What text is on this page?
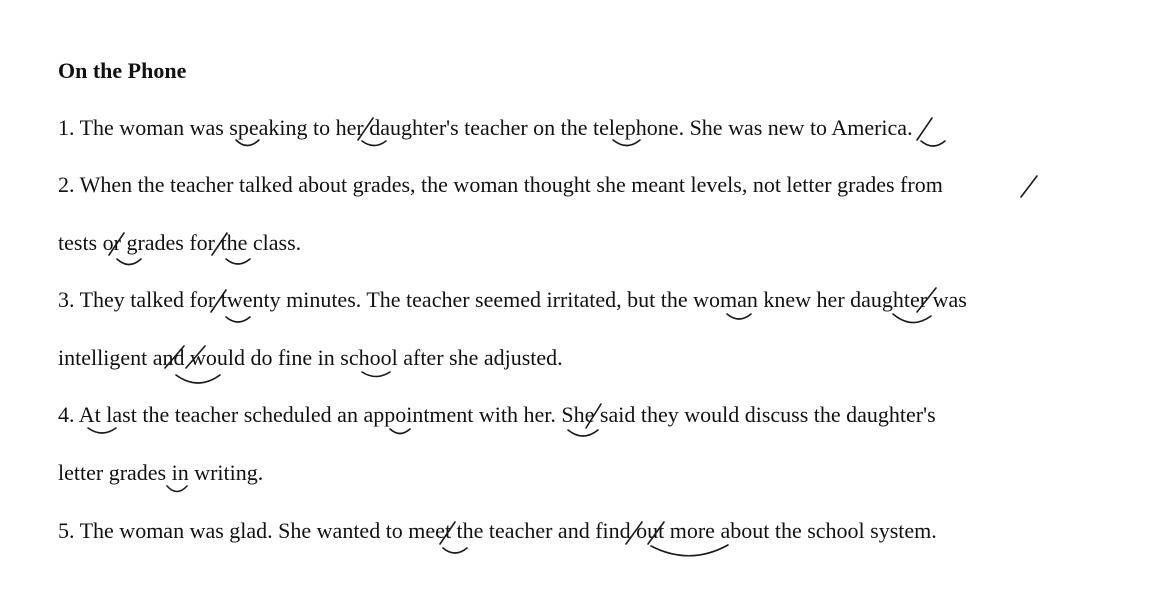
On the Phone
1. The woman was speaking to her daughter's teacher on the telephone. She was new to America.
2. When the teacher talked about grades, the woman thought she meant levels, not letter grades from
tests or grades for the class.
3. They talked for twenty minutes. The teacher seemed irritated, but the woman knew her daughter was
intelligent and would do fine in school after she adjusted.
4. At last the teacher scheduled an appointment with her. She said they would discuss the daughter's
letter grades in writing.
5. The woman was glad. She wanted to meet the teacher and find out more about the school system.
